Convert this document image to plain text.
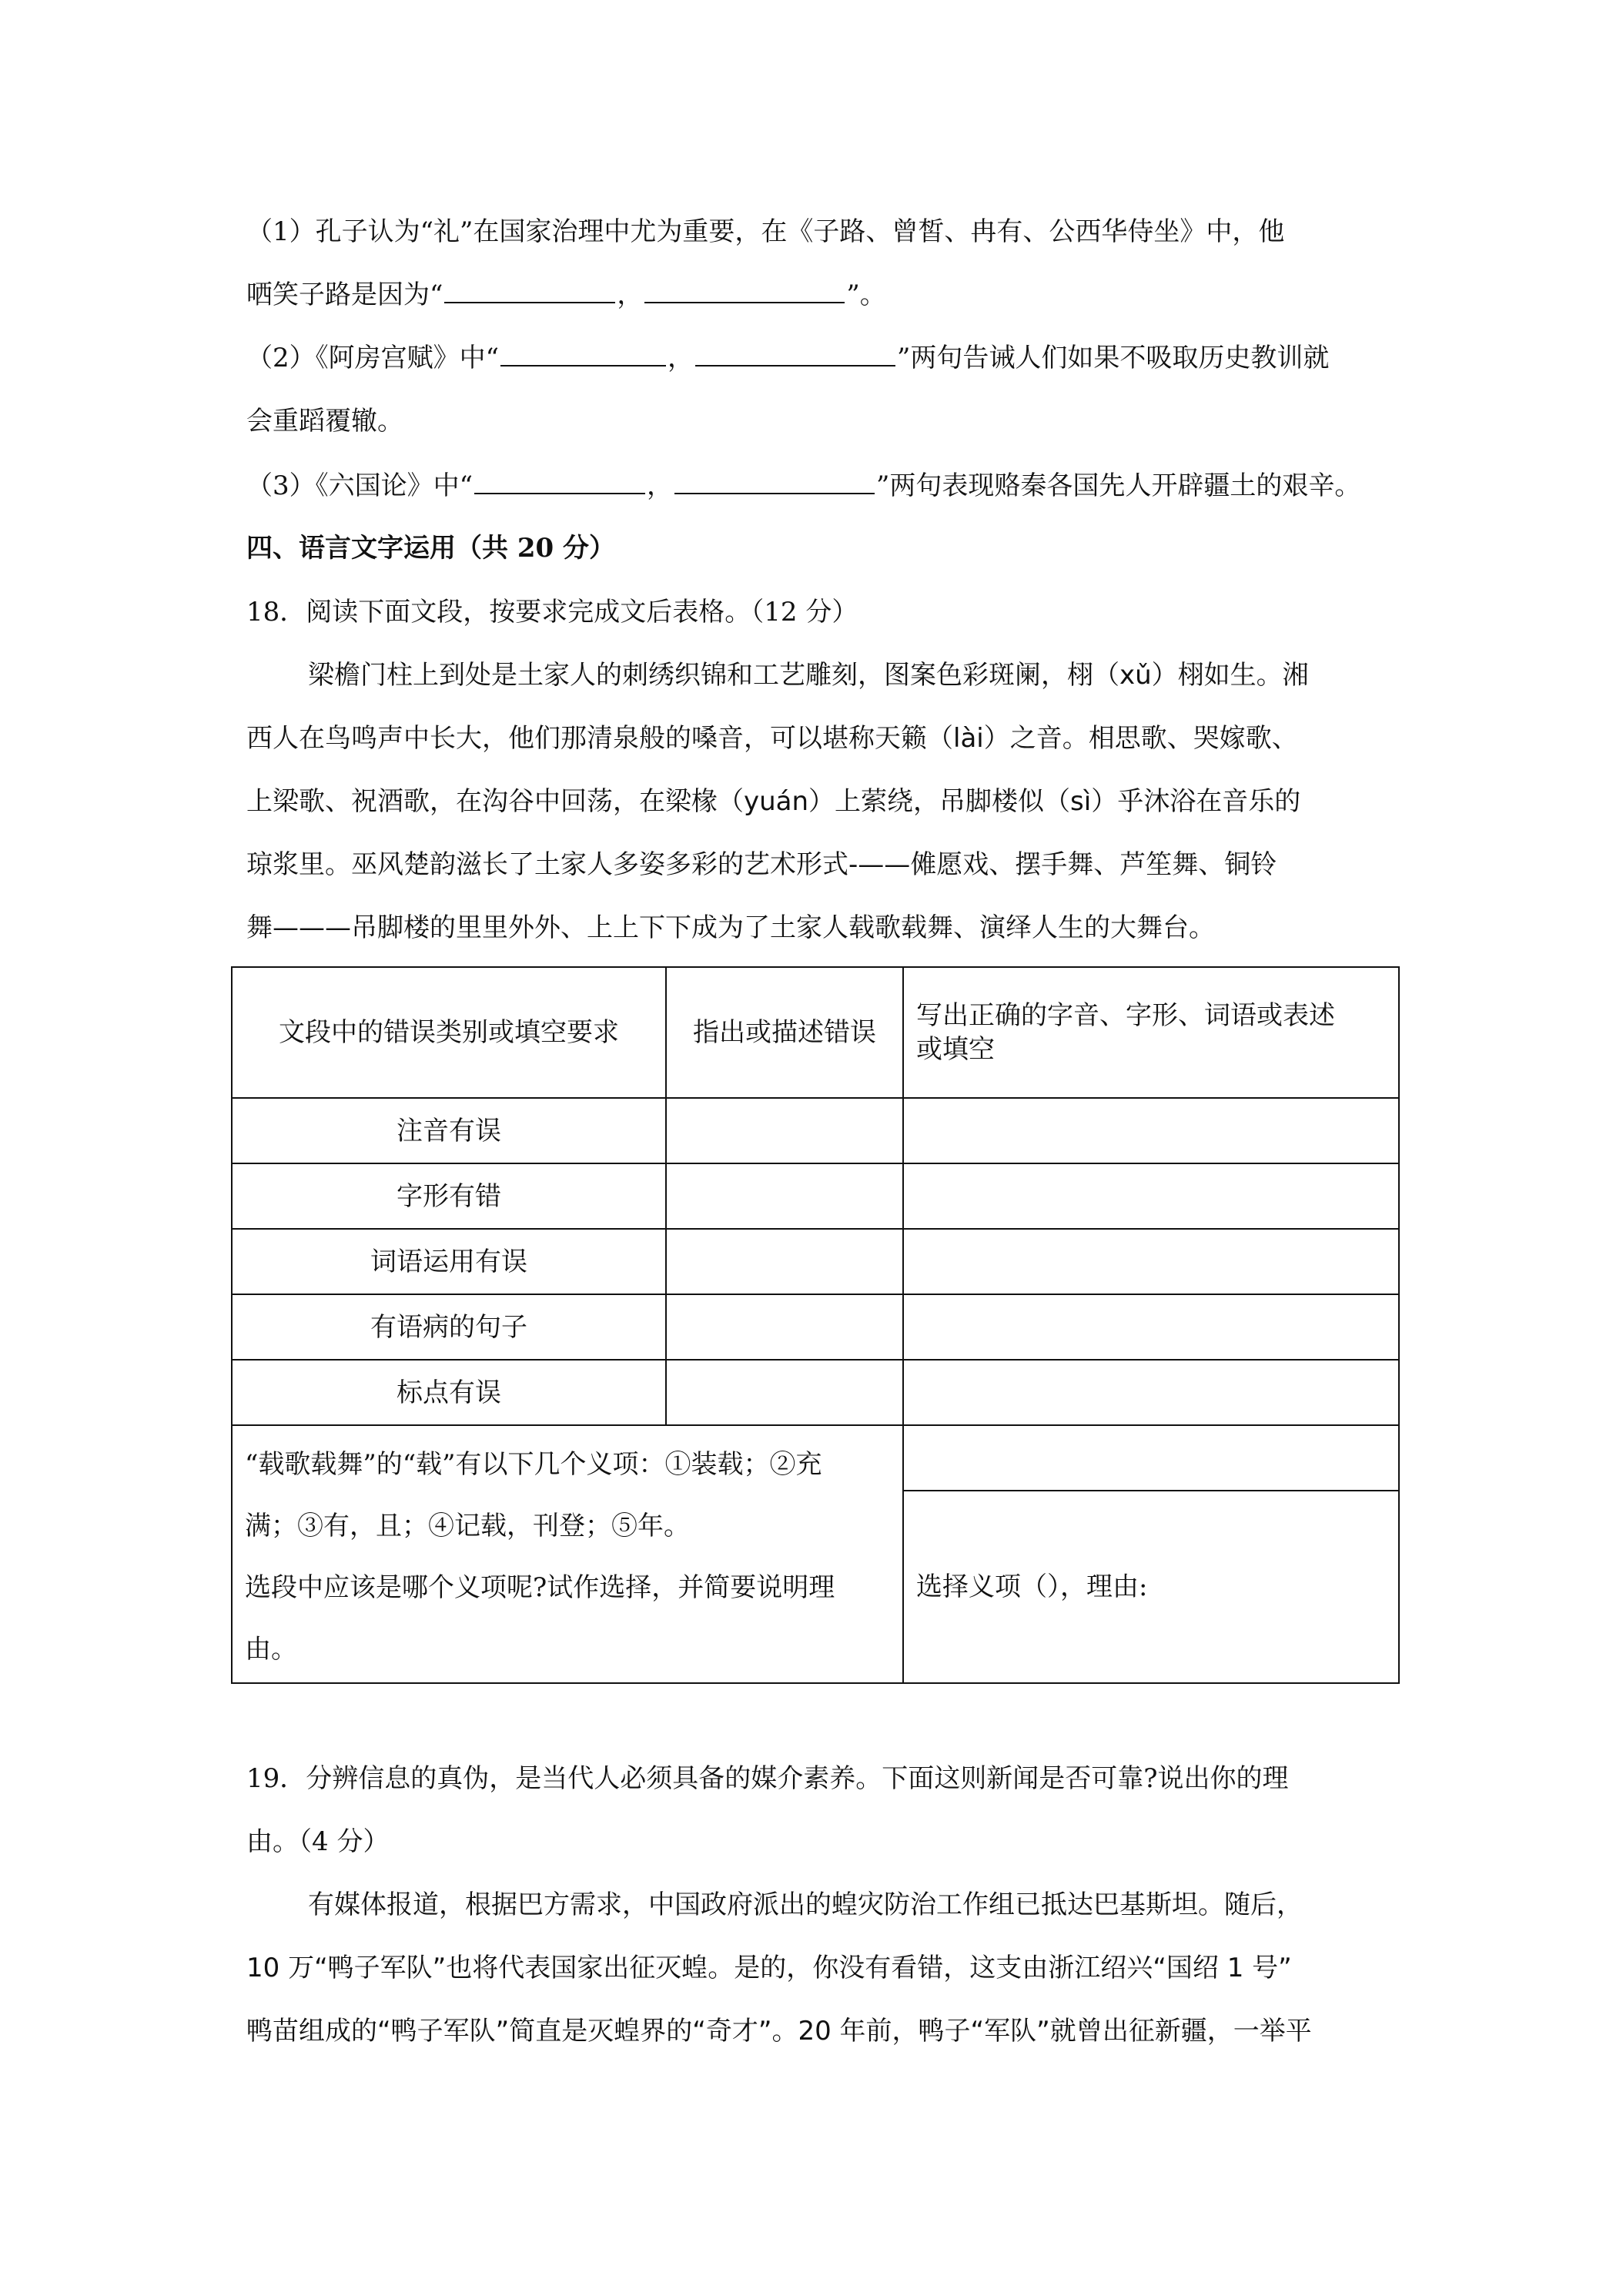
（1）孔子认为“礼”在国家治理中尤为重要，在《子路、曾皙、冉有、公西华侍坐》中，他
哂笑子路是因为“	，	”。
（2）《阿房宫赋》中“	，	”两句告诫人们如果不吸取历史教训就
会重蹈覆辙。
（3）《六国论》中“	，	”两句表现赂秦各国先人开辟疆土的艰辛。
四、语言文字运用（共 20 分）
18．阅读下面文段，按要求完成文后表格。（12 分）
梁檐门柱上到处是土家人的刺绣织锦和工艺雕刻，图案色彩斑阑，栩（xǔ）栩如生。湘
西人在鸟鸣声中长大，他们那清泉般的嗓音，可以堪称天籁（lài）之音。相思歌、哭嫁歌、
上梁歌、祝酒歌，在沟谷中回荡，在梁椽（yuán）上萦绕，吊脚楼似（sì）乎沐浴在音乐的
琼浆里。巫风楚韵滋长了土家人多姿多彩的艺术形式-——傩愿戏、摆手舞、芦笙舞、铜铃
舞———吊脚楼的里里外外、上上下下成为了土家人载歌载舞、演绎人生的大舞台。
文段中的错误类别或填空要求	指出或描述错误	写出正确的字音、字形、词语或表述
或填空

注音有误		
字形有错		
词语运用有误		
有语病的句子		
标点有误		

“载歌载舞”的“载”有以下几个义项：①装载；②充
满；③有，且；④记载，刊登；⑤年。
选段中应该是哪个义项呢?试作选择，并简要说明理
由。		

		选择义项（），理由:
19．分辨信息的真伪，是当代人必须具备的媒介素养。下面这则新闻是否可靠?说出你的理
由。（4 分）
有媒体报道，根据巴方需求，中国政府派出的蝗灾防治工作组已抵达巴基斯坦。随后，
10 万“鸭子军队”也将代表国家出征灭蝗。是的，你没有看错，这支由浙江绍兴“国绍 1 号”
鸭苗组成的“鸭子军队”简直是灭蝗界的“奇才”。20 年前，鸭子“军队”就曾出征新疆，一举平
